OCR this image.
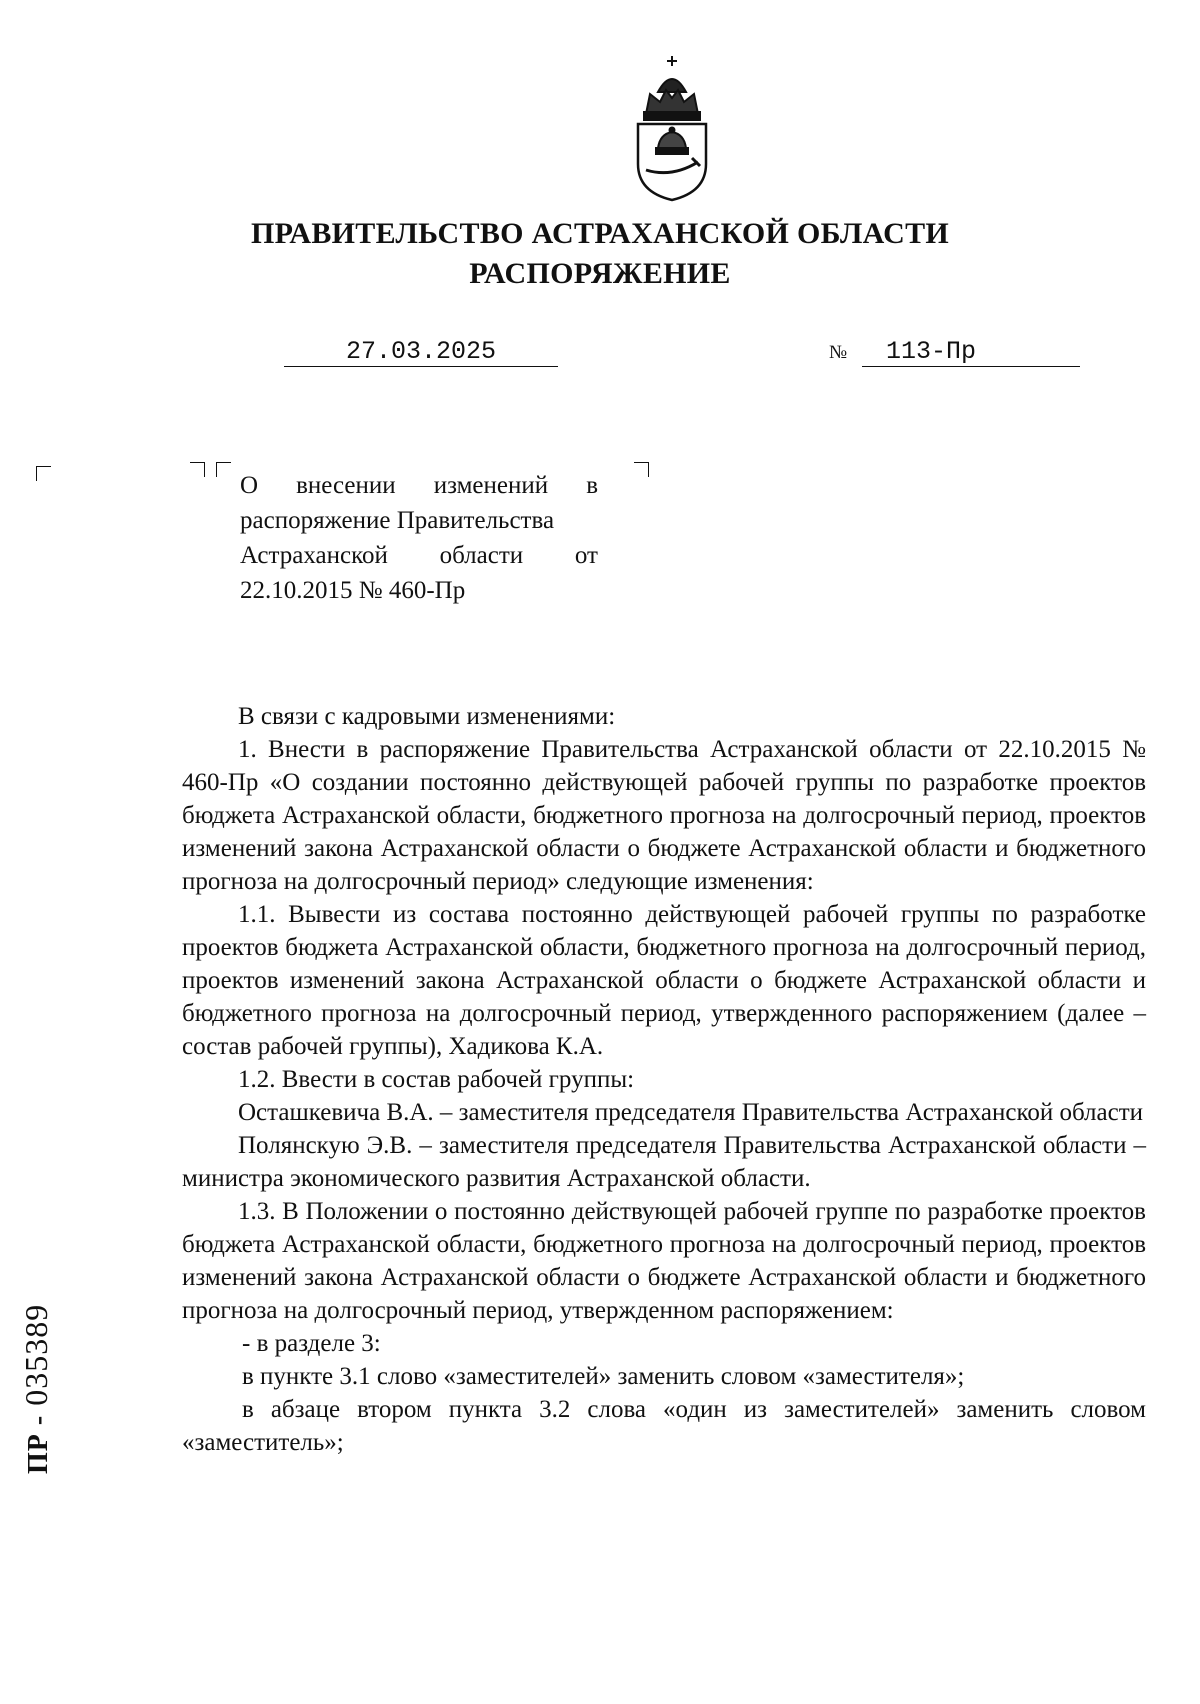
ПРАВИТЕЛЬСТВО АСТРАХАНСКОЙ ОБЛАСТИ
РАСПОРЯЖЕНИЕ
27.03.2025	№	113-Пр
О внесении изменений в
распоряжение Правительства
Астраханской области от
22.10.2015 № 460-Пр

В связи с кадровыми изменениями:

1. Внести в распоряжение Правительства Астраханской области от 22.10.2015 № 460-Пр «О создании постоянно действующей рабочей группы по разработке проектов бюджета Астраханской области, бюджетного прогноза на долгосрочный период, проектов изменений закона Астраханской области о бюджете Астраханской области и бюджетного прогноза на долгосрочный период» следующие изменения:

1.1. Вывести из состава постоянно действующей рабочей группы по разработке проектов бюджета Астраханской области, бюджетного прогноза на долгосрочный период, проектов изменений закона Астраханской области о бюджете Астраханской области и бюджетного прогноза на долгосрочный период, утвержденного распоряжением (далее – состав рабочей группы), Хадикова К.А.

1.2. Ввести в состав рабочей группы:

Осташкевича В.А. – заместителя председателя Правительства Астраханской области

Полянскую Э.В. – заместителя председателя Правительства Астраханской области – министра экономического развития Астраханской области.

1.3. В Положении о постоянно действующей рабочей группе по разработке проектов бюджета Астраханской области, бюджетного прогноза на долгосрочный период, проектов изменений закона Астраханской области о бюджете Астраханской области и бюджетного прогноза на долгосрочный период, утвержденном распоряжением:

- в разделе 3:

в пункте 3.1 слово «заместителей» заменить словом «заместителя»;

в абзаце втором пункта 3.2 слова «один из заместителей» заменить словом «заместитель»;

ПР - 035389
